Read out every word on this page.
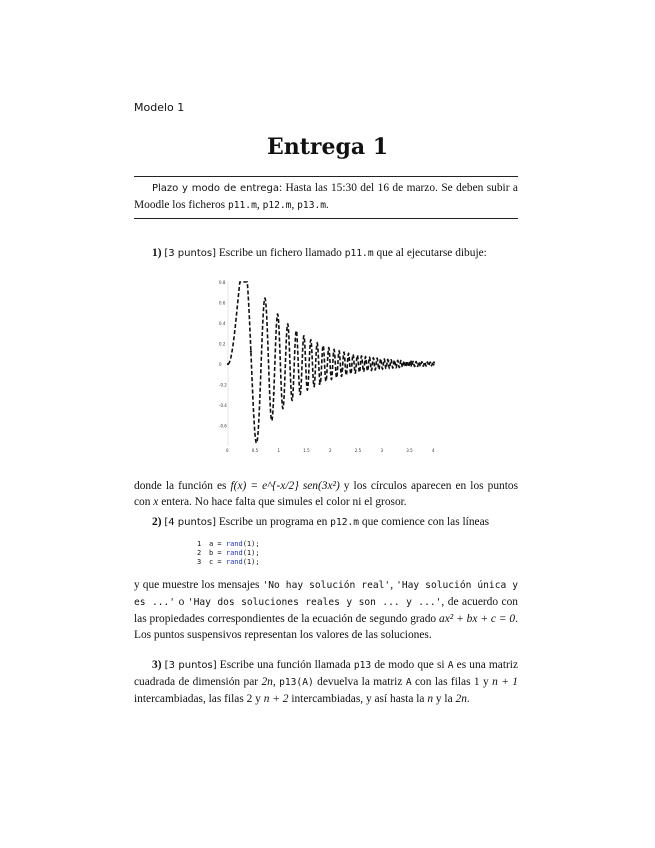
Modelo 1
Entrega 1
Plazo y modo de entrega: Hasta las 15:30 del 16 de marzo. Se deben subir a Moodle los ficheros p11.m, p12.m, p13.m.
1) [3 puntos] Escribe un fichero llamado p11.m que al ejecutarse dibuje:
0.8
0.6
0.4
0.2
0
-0.2
-0.4
-0.6
0	0.5	1	1.5	2	2.5	3	3.5	4
donde la función es f(x) = e^{-x/2} sen(3x²) y los círculos aparecen en los puntos con x entera. No hace falta que simules el color ni el grosor.
2) [4 puntos] Escribe un programa en p12.m que comience con las líneas
1 a = rand(1);
2 b = rand(1);
3 c = rand(1);
y que muestre los mensajes 'No hay solución real', 'Hay solución única y es ...' o 'Hay dos soluciones reales y son ... y ...', de acuerdo con las propiedades correspondientes de la ecuación de segundo grado ax² + bx + c = 0. Los puntos suspensivos representan los valores de las soluciones.
3) [3 puntos] Escribe una función llamada p13 de modo que si A es una matriz cuadrada de dimensión par 2n, p13(A) devuelva la matriz A con las filas 1 y n + 1 intercambiadas, las filas 2 y n + 2 intercambiadas, y así hasta la n y la 2n.
